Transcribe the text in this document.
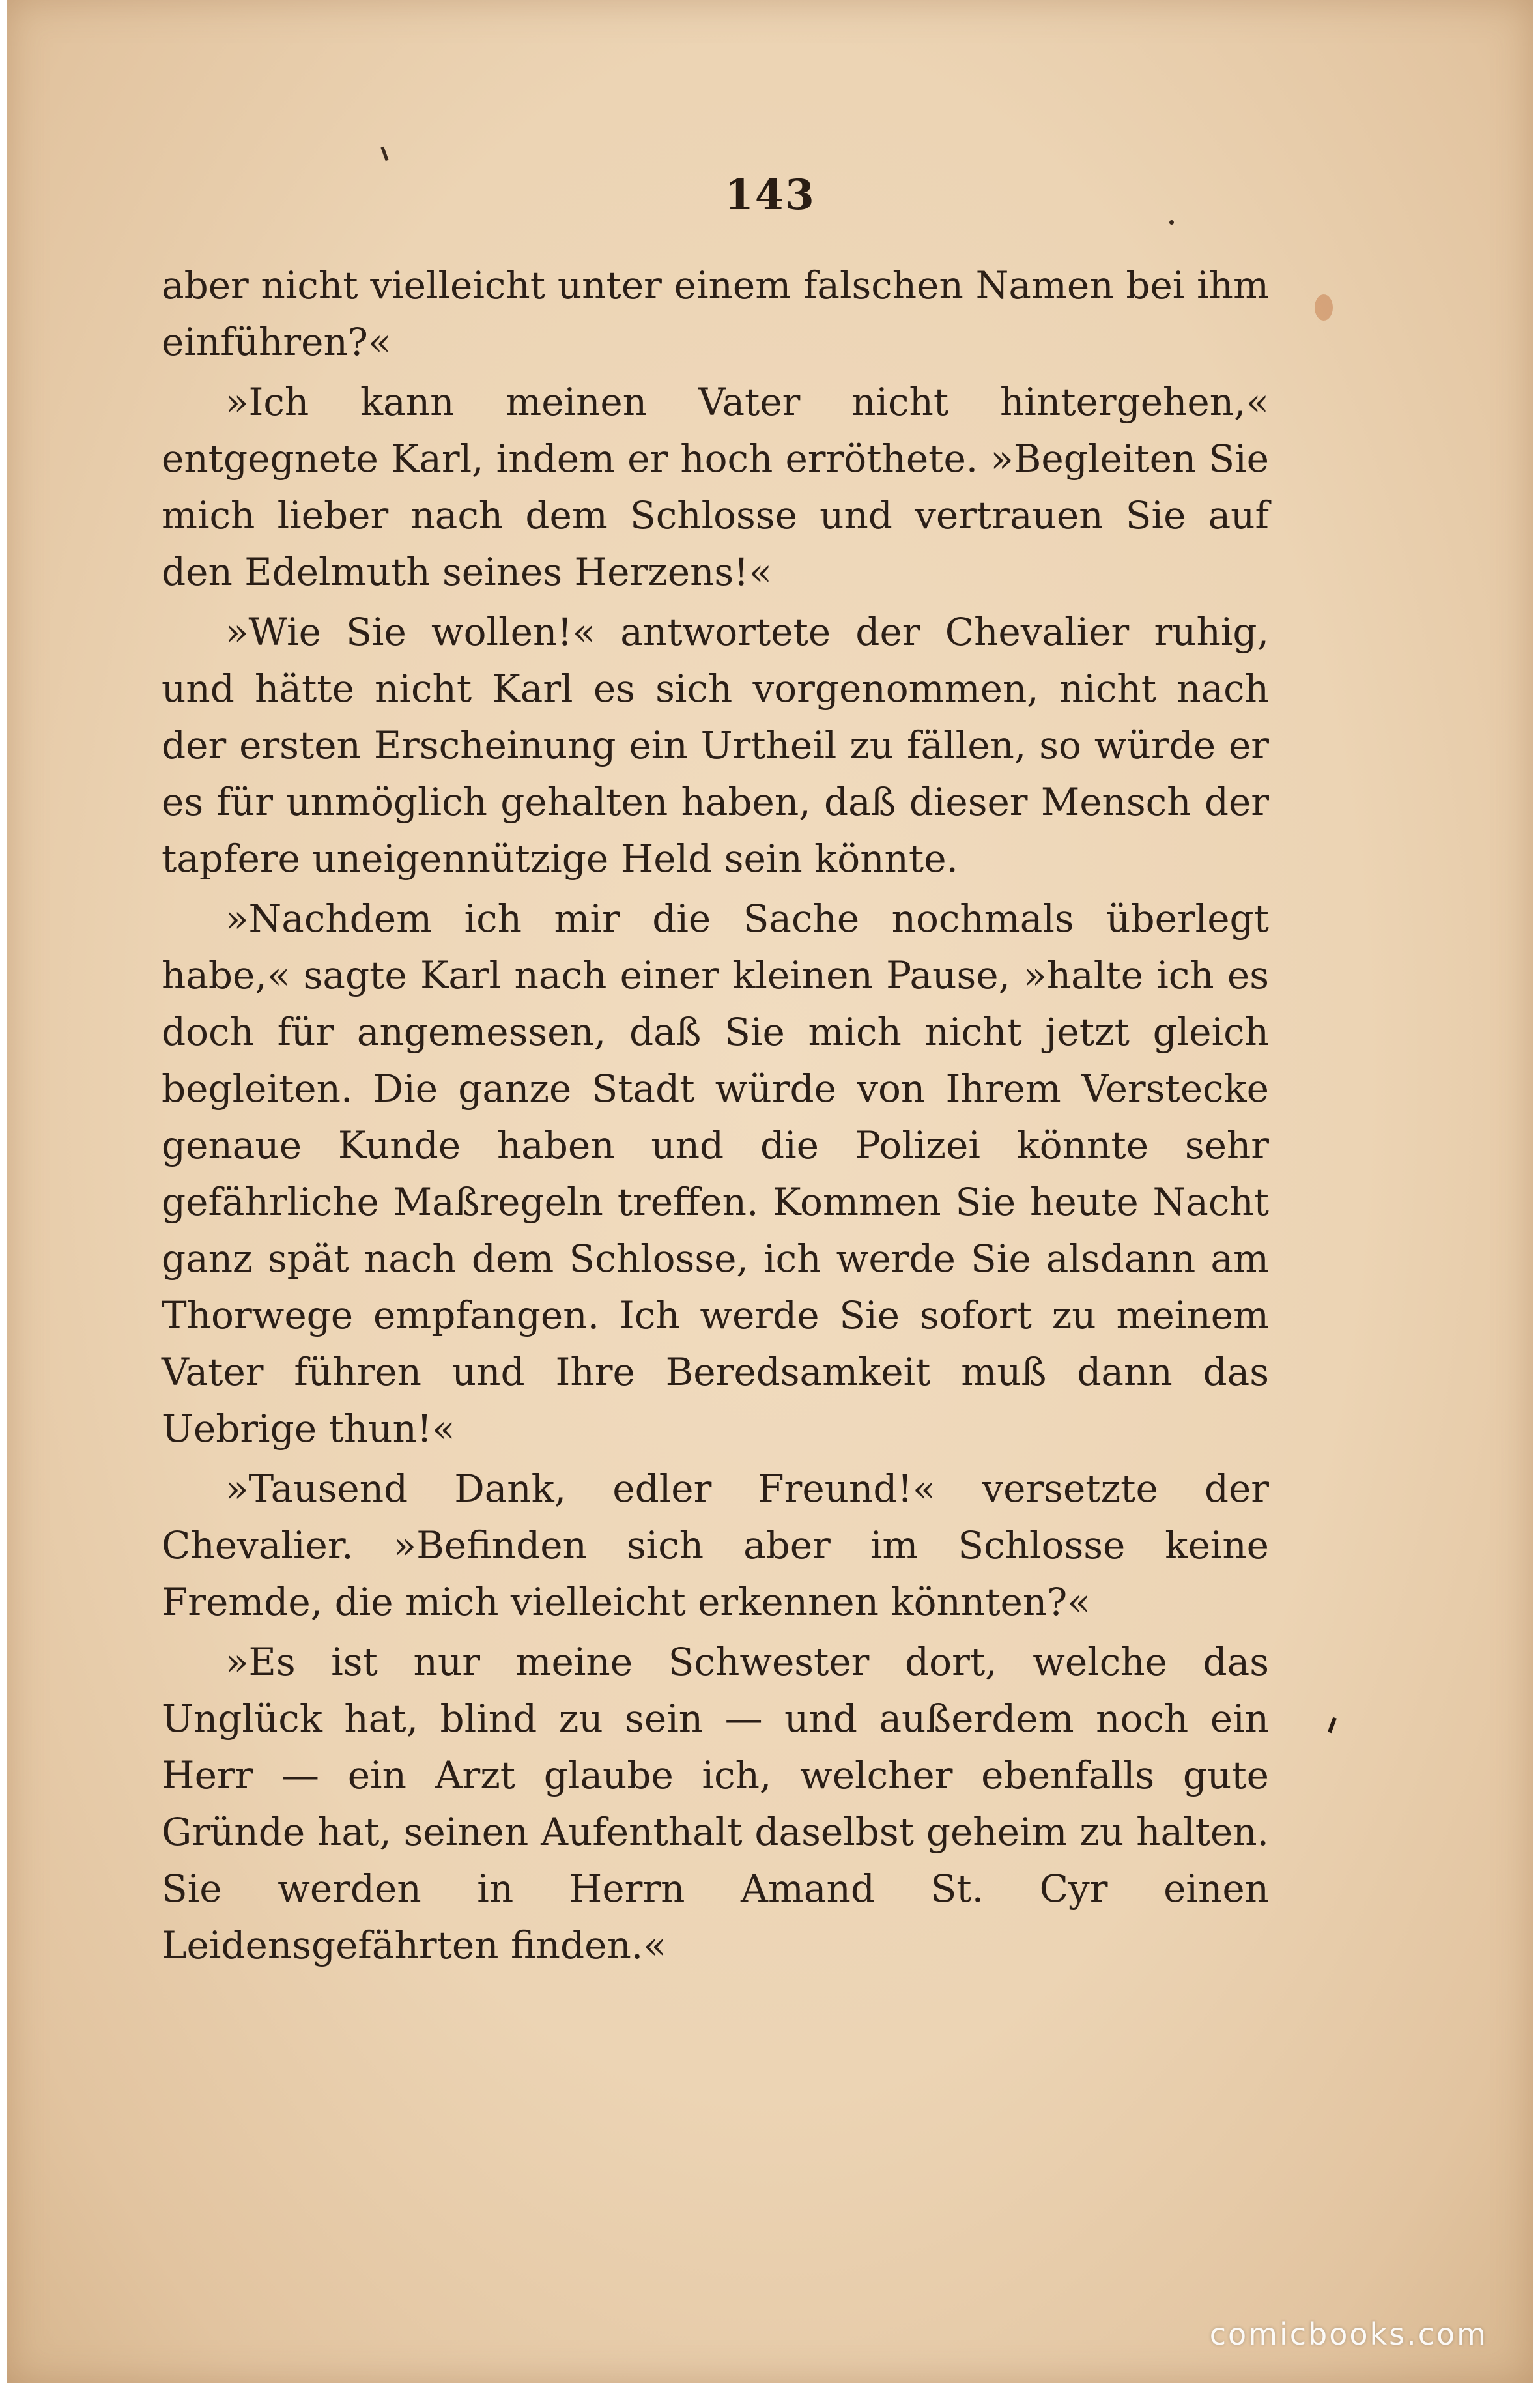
143

aber nicht vielleicht unter einem falschen Namen bei ihm einführen?«

»Ich kann meinen Vater nicht hintergehen,« entgegnete Karl, indem er hoch erröthete. »Begleiten Sie mich lieber nach dem Schlosse und vertrauen Sie auf den Edelmuth seines Herzens!«

»Wie Sie wollen!« antwortete der Chevalier ruhig, und hätte nicht Karl es sich vorgenommen, nicht nach der ersten Erscheinung ein Urtheil zu fällen, so würde er es für unmöglich gehalten haben, daß dieser Mensch der tapfere uneigennützige Held sein könnte.

»Nachdem ich mir die Sache nochmals überlegt habe,« sagte Karl nach einer kleinen Pause, »halte ich es doch für angemessen, daß Sie mich nicht jetzt gleich begleiten. Die ganze Stadt würde von Ihrem Verstecke genaue Kunde haben und die Polizei könnte sehr gefährliche Maßregeln treffen. Kommen Sie heute Nacht ganz spät nach dem Schlosse, ich werde Sie alsdann am Thorwege empfangen. Ich werde Sie sofort zu meinem Vater führen und Ihre Beredsamkeit muß dann das Uebrige thun!«

»Tausend Dank, edler Freund!« versetzte der Chevalier. »Befinden sich aber im Schlosse keine Fremde, die mich vielleicht erkennen könnten?«

»Es ist nur meine Schwester dort, welche das Unglück hat, blind zu sein — und außerdem noch ein Herr — ein Arzt glaube ich, welcher ebenfalls gute Gründe hat, seinen Aufenthalt daselbst geheim zu halten. Sie werden in Herrn Amand St. Cyr einen Leidensgefährten finden.«

comicbooks.com
